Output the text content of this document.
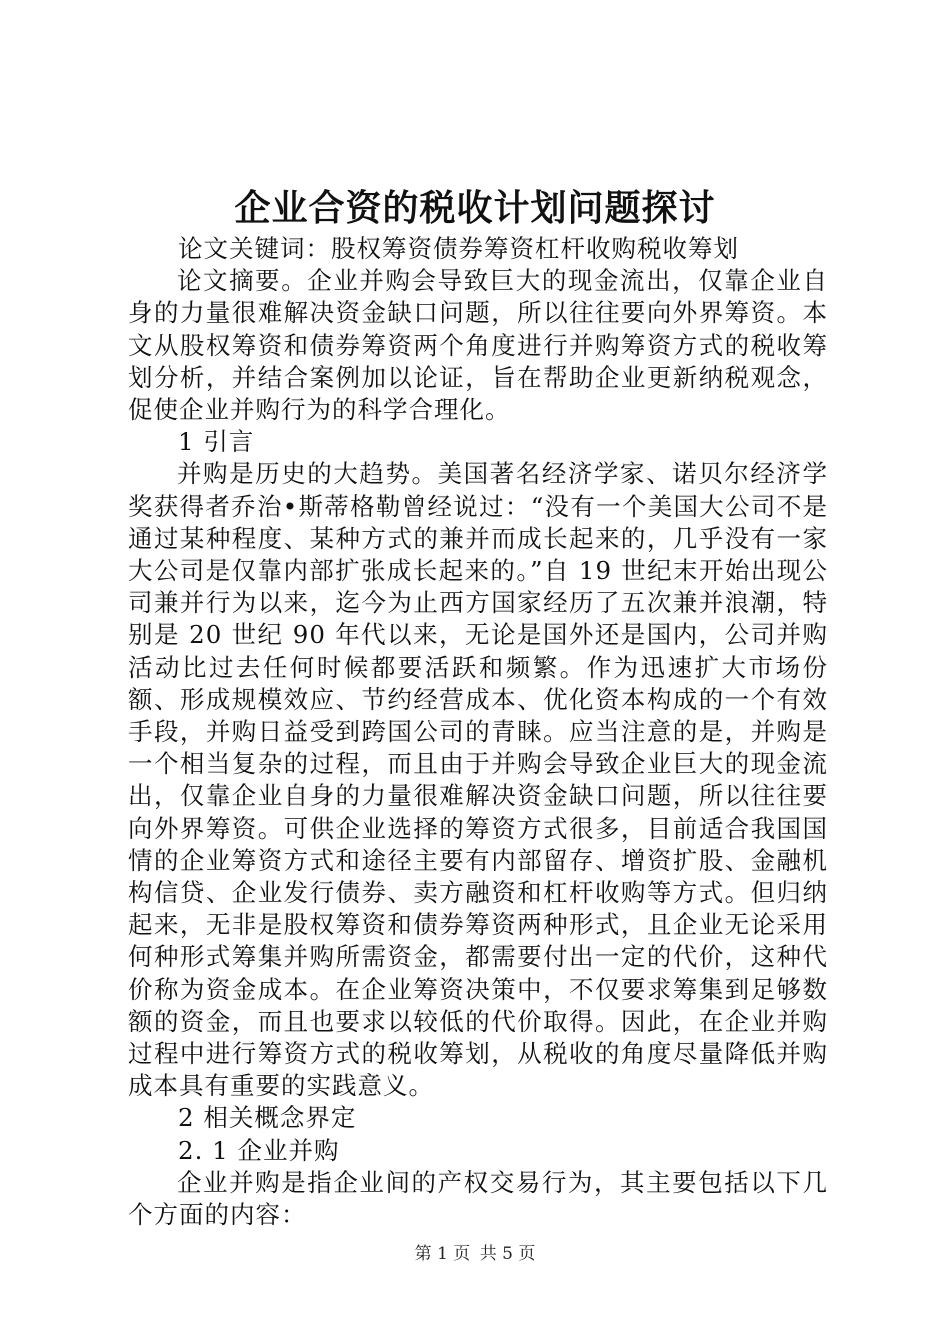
企业合资的税收计划问题探讨

论文关键词：股权筹资债券筹资杠杆收购税收筹划

论文摘要。企业并购会导致巨大的现金流出，仅靠企业自身的力量很难解决资金缺口问题，所以往往要向外界筹资。本文从股权筹资和债券筹资两个角度进行并购筹资方式的税收筹划分析，并结合案例加以论证，旨在帮助企业更新纳税观念，促使企业并购行为的科学合理化。

1 引言

并购是历史的大趋势。美国著名经济学家、诺贝尔经济学奖获得者乔治•斯蒂格勒曾经说过：“没有一个美国大公司不是通过某种程度、某种方式的兼并而成长起来的，几乎没有一家大公司是仅靠内部扩张成长起来的。”自 19 世纪末开始出现公司兼并行为以来，迄今为止西方国家经历了五次兼并浪潮，特别是 20 世纪 90 年代以来，无论是国外还是国内，公司并购活动比过去任何时候都要活跃和频繁。作为迅速扩大市场份额、形成规模效应、节约经营成本、优化资本构成的一个有效手段，并购日益受到跨国公司的青睐。应当注意的是，并购是一个相当复杂的过程，而且由于并购会导致企业巨大的现金流出，仅靠企业自身的力量很难解决资金缺口问题，所以往往要向外界筹资。可供企业选择的筹资方式很多，目前适合我国国情的企业筹资方式和途径主要有内部留存、增资扩股、金融机构信贷、企业发行债券、卖方融资和杠杆收购等方式。但归纳起来，无非是股权筹资和债券筹资两种形式，且企业无论采用何种形式筹集并购所需资金，都需要付出一定的代价，这种代价称为资金成本。在企业筹资决策中，不仅要求筹集到足够数额的资金，而且也要求以较低的代价取得。因此，在企业并购过程中进行筹资方式的税收筹划，从税收的角度尽量降低并购成本具有重要的实践意义。

2 相关概念界定

2. 1 企业并购

企业并购是指企业间的产权交易行为，其主要包括以下几个方面的内容：

第 1 页 共 5 页
